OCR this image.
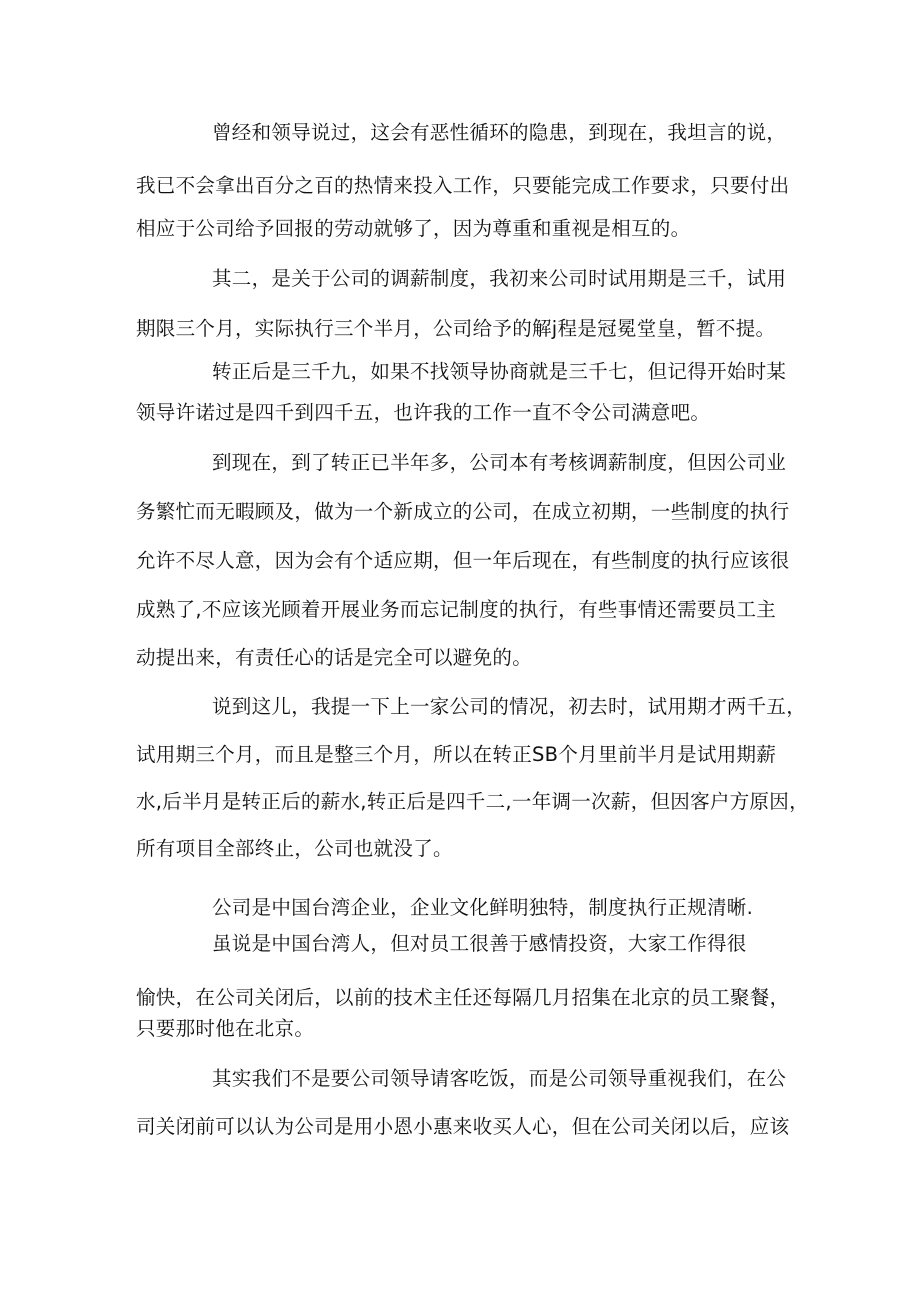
曾经和领导说过，这会有恶性循环的隐患，到现在，我坦言的说，

我已不会拿出百分之百的热情来投入工作，只要能完成工作要求，只要付出

相应于公司给予回报的劳动就够了，因为尊重和重视是相互的。

其二，是关于公司的调薪制度，我初来公司时试用期是三千，试用

期限三个月，实际执行三个半月，公司给予的解j程是冠冕堂皇，暂不提。

转正后是三千九，如果不找领导协商就是三千七，但记得开始时某

领导许诺过是四千到四千五，也许我的工作一直不令公司满意吧。

到现在，到了转正已半年多，公司本有考核调薪制度，但因公司业

务繁忙而无暇顾及，做为一个新成立的公司，在成立初期，一些制度的执行

允许不尽人意，因为会有个适应期，但一年后现在，有些制度的执行应该很

成熟了,不应该光顾着开展业务而忘记制度的执行，有些事情还需要员工主

动提出来，有责任心的话是完全可以避免的。

说到这儿，我提一下上一家公司的情况，初去时，试用期才两千五，

试用期三个月，而且是整三个月，所以在转正SB个月里前半月是试用期薪

水,后半月是转正后的薪水,转正后是四千二,一年调一次薪，但因客户方原因，

所有项目全部终止，公司也就没了。

公司是中国台湾企业，企业文化鲜明独特，制度执行正规清晰.

虽说是中国台湾人，但对员工很善于感情投资，大家工作得很

愉快，在公司关闭后，以前的技术主任还每隔几月招集在北京的员工聚餐，

只要那时他在北京。

其实我们不是要公司领导请客吃饭，而是公司领导重视我们，在公

司关闭前可以认为公司是用小恩小惠来收买人心，但在公司关闭以后，应该
